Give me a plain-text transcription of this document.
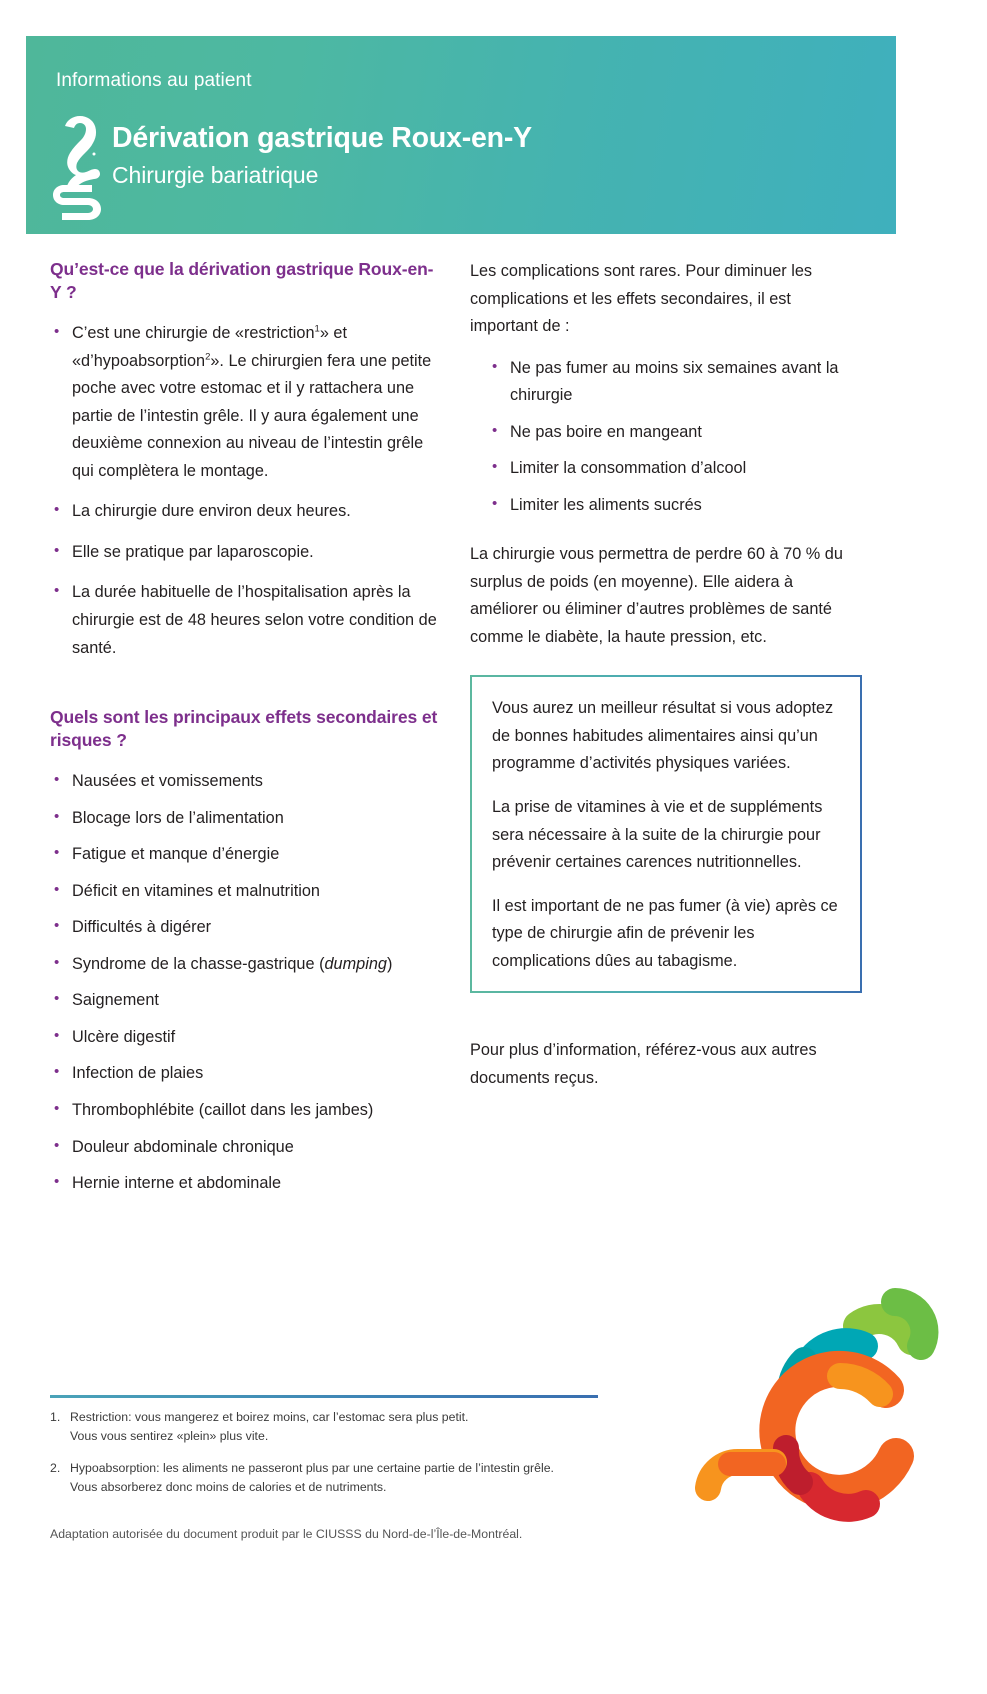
Informations au patient
Dérivation gastrique Roux-en-Y
Chirurgie bariatrique
Qu’est-ce que la dérivation gastrique Roux-en-Y ?
• C’est une chirurgie de «restriction$^1$» et «d’hypoabsorption$^2$». Le chirurgien fera une petite poche avec votre estomac et il y rattachera une partie de l’intestin grêle. Il y aura également une deuxième connexion au niveau de l’intestin grêle qui complètera le montage.
• La chirurgie dure environ deux heures.
• Elle se pratique par laparoscopie.
• La durée habituelle de l’hospitalisation après la chirurgie est de 48 heures selon votre condition de santé.
Quels sont les principaux effets secondaires et risques ?
• Nausées et vomissements
• Blocage lors de l’alimentation
• Fatigue et manque d’énergie
• Déficit en vitamines et malnutrition
• Difficultés à digérer
• Syndrome de la chasse-gastrique (dumping)
• Saignement
• Ulcère digestif
• Infection de plaies
• Thrombophlébite (caillot dans les jambes)
• Douleur abdominale chronique
• Hernie interne et abdominale

Les complications sont rares. Pour diminuer les complications et les effets secondaires, il est important de :

• Ne pas fumer au moins six semaines avant la chirurgie
• Ne pas boire en mangeant
• Limiter la consommation d’alcool
• Limiter les aliments sucrés

La chirurgie vous permettra de perdre 60 à 70 % du surplus de poids (en moyenne). Elle aidera à améliorer ou éliminer d’autres problèmes de santé comme le diabète, la haute pression, etc.

Vous aurez un meilleur résultat si vous adoptez de bonnes habitudes alimentaires ainsi qu’un programme d’activités physiques variées.

La prise de vitamines à vie et de suppléments sera nécessaire à la suite de la chirurgie pour prévenir certaines carences nutritionnelles.

Il est important de ne pas fumer (à vie) après ce type de chirurgie afin de prévenir les complications dûes au tabagisme.

Pour plus d’information, référez-vous aux autres documents reçus.

1. Restriction: vous mangerez et boirez moins, car l’estomac sera plus petit.
Vous vous sentirez «plein» plus vite.
2. Hypoabsorption: les aliments ne passeront plus par une certaine partie de l’intestin grêle.
Vous absorberez donc moins de calories et de nutriments.
Adaptation autorisée du document produit par le CIUSSS du Nord-de-l’Île-de-Montréal.
